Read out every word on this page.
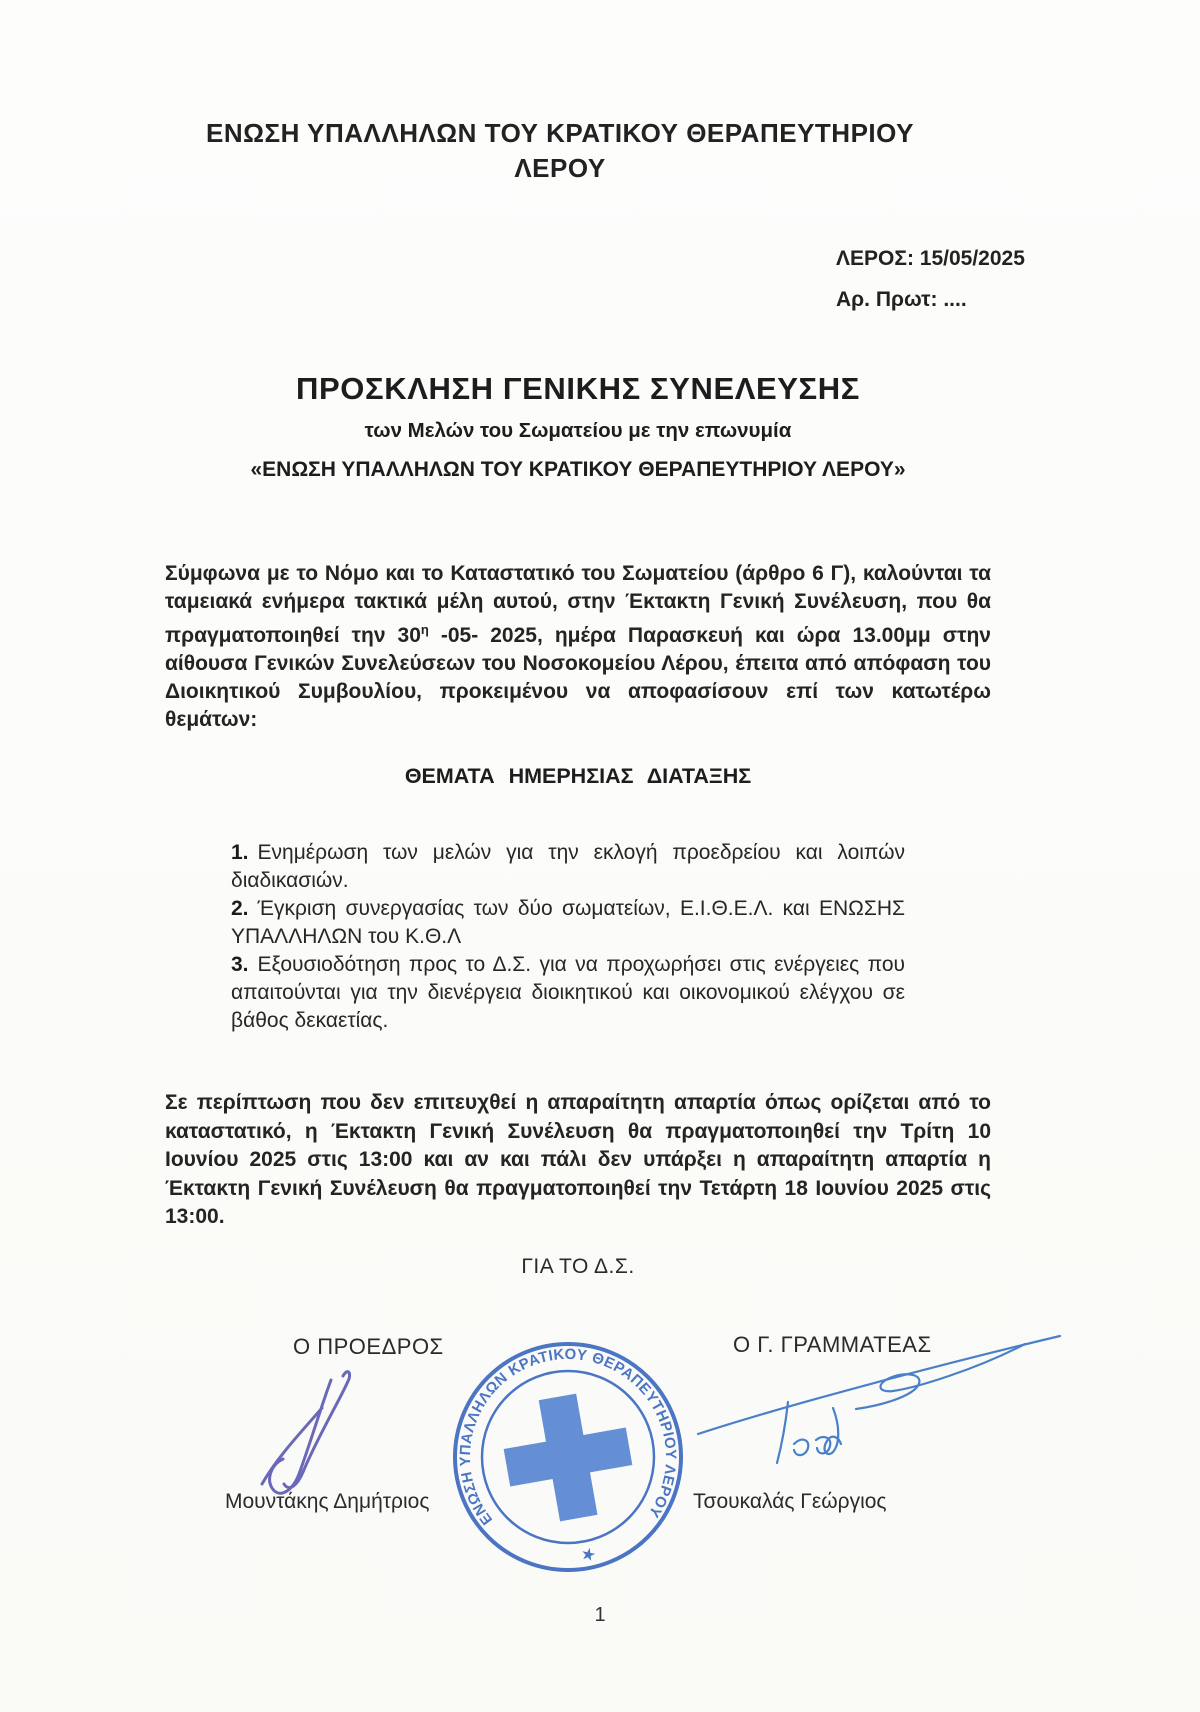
ΕΝΩΣΗ ΥΠΑΛΛΗΛΩΝ ΤΟΥ ΚΡΑΤΙΚΟΥ ΘΕΡΑΠΕΥΤΗΡΙΟΥ
ΛΕΡΟΥ
ΛΕΡΟΣ: 15/05/2025
Αρ. Πρωτ: ....
ΠΡΟΣΚΛΗΣΗ ΓΕΝΙΚΗΣ ΣΥΝΕΛΕΥΣΗΣ
των Μελών του Σωματείου με την επωνυμία
«ΕΝΩΣΗ ΥΠΑΛΛΗΛΩΝ ΤΟΥ ΚΡΑΤΙΚΟΥ ΘΕΡΑΠΕΥΤΗΡΙΟΥ ΛΕΡΟΥ»

Σύμφωνα με το Νόμο και το Καταστατικό του Σωματείου (άρθρο 6 Γ), καλούνται τα ταμειακά ενήμερα τακτικά μέλη αυτού, στην Έκτακτη Γενική Συνέλευση, που θα πραγματοποιηθεί την $30^\eta$ -05- 2025, ημέρα Παρασκευή και ώρα 13.00μμ στην αίθουσα Γενικών Συνελεύσεων του Νοσοκομείου Λέρου, έπειτα από απόφαση του Διοικητικού Συμβουλίου, προκειμένου να αποφασίσουν επί των κατωτέρω θεμάτων:

ΘΕΜΑΤΑ ΗΜΕΡΗΣΙΑΣ ΔΙΑΤΑΞΗΣ

1. Ενημέρωση των μελών για την εκλογή προεδρείου και λοιπών διαδικασιών.

2. Έγκριση συνεργασίας των δύο σωματείων, Ε.Ι.Θ.Ε.Λ. και ΕΝΩΣΗΣ ΥΠΑΛΛΗΛΩΝ του Κ.Θ.Λ

3. Εξουσιοδότηση προς το Δ.Σ. για να προχωρήσει στις ενέργειες που απαιτούνται για την διενέργεια διοικητικού και οικονομικού ελέγχου σε βάθος δεκαετίας.

Σε περίπτωση που δεν επιτευχθεί η απαραίτητη απαρτία όπως ορίζεται από το καταστατικό, η Έκτακτη Γενική Συνέλευση θα πραγματοποιηθεί την Τρίτη 10 Ιουνίου 2025 στις 13:00 και αν και πάλι δεν υπάρξει η απαραίτητη απαρτία η Έκτακτη Γενική Συνέλευση θα πραγματοποιηθεί την Τετάρτη 18 Ιουνίου 2025 στις 13:00.

ΓΙΑ ΤΟ Δ.Σ.
Ο ΠΡΟΕΔΡΟΣ	Ο Γ. ΓΡΑΜΜΑΤΕΑΣ
Μουντάκης Δημήτριος	Τσουκαλάς Γεώργιος
ΕΝΩΣΗ ΥΠΑΛΛΗΛΩΝ ΚΡΑΤΙΚΟΥ ΘΕΡΑΠΕΥΤΗΡΙΟΥ ΛΕΡΟΥ
★
1
